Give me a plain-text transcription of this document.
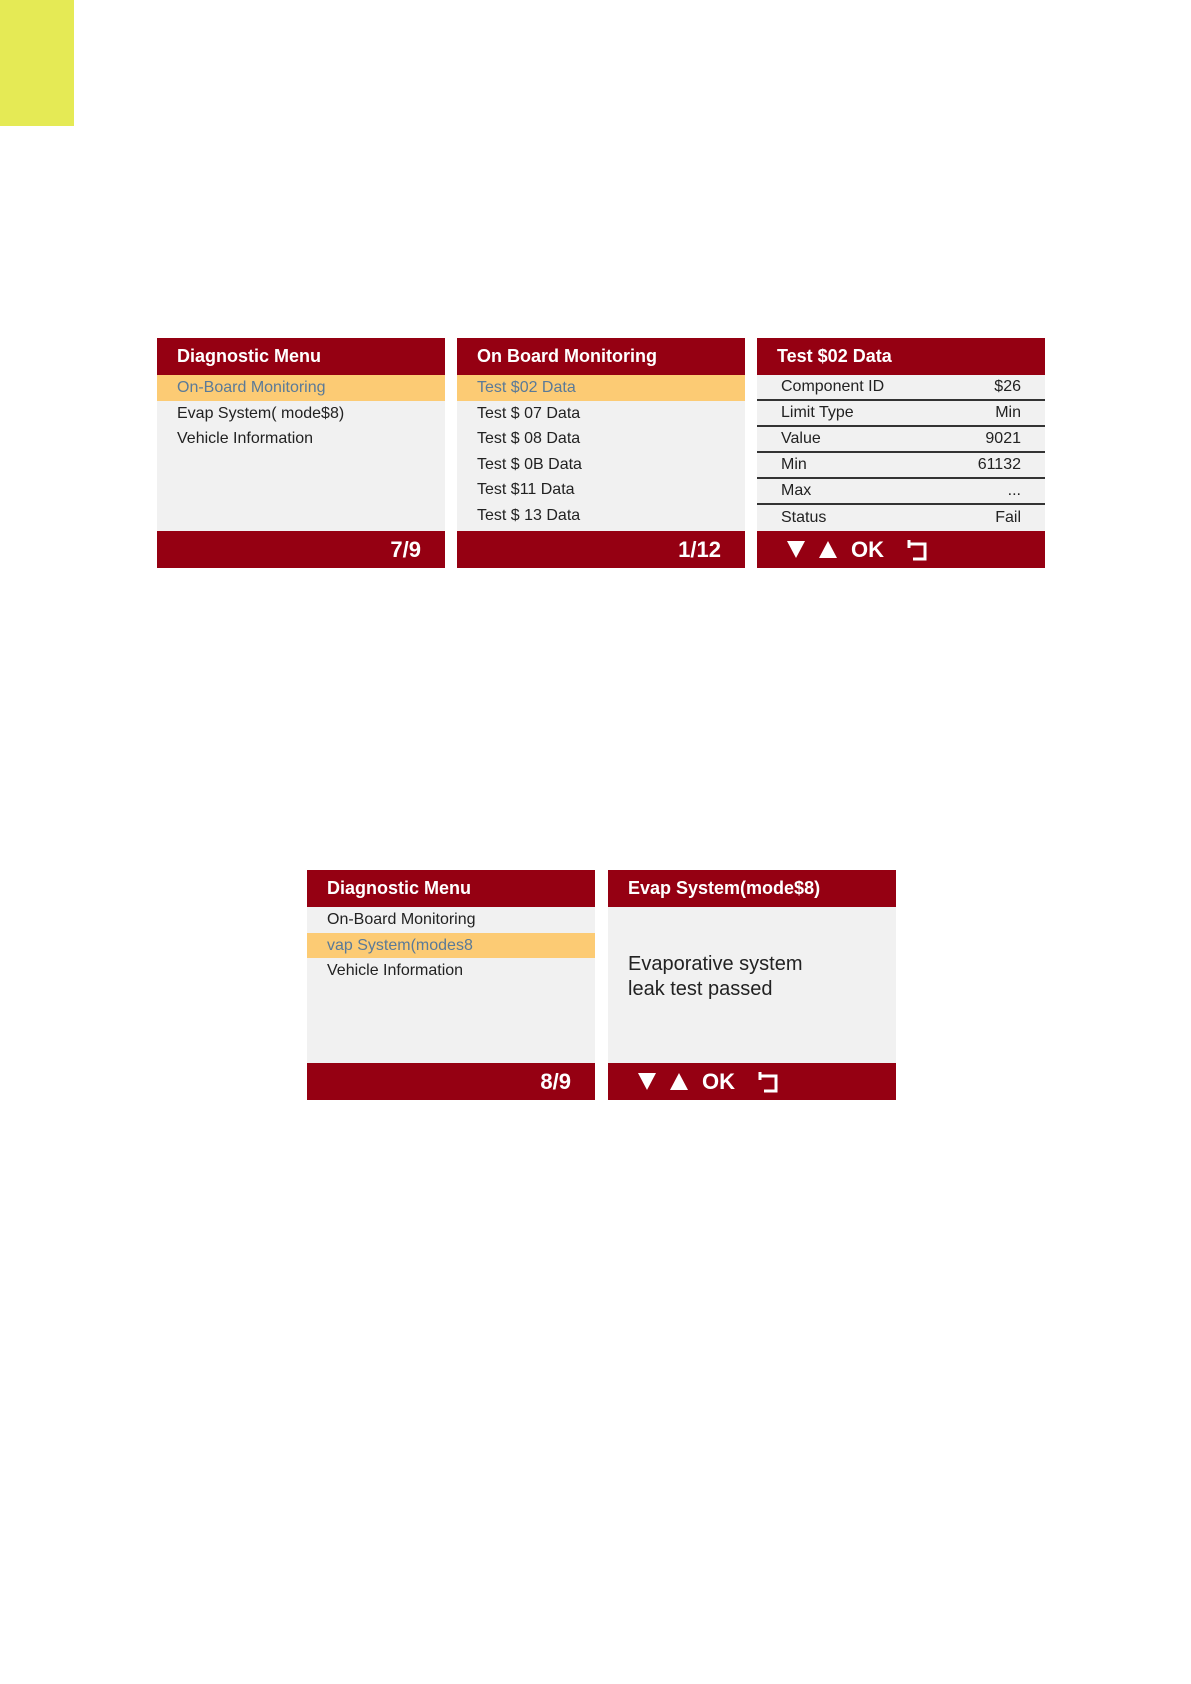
Diagnostic Menu
On-Board Monitoring
Evap System( mode$8)
Vehicle Information
7/9
On Board Monitoring
Test $02 Data
Test $ 07 Data
Test $ 08 Data
Test $ 0B Data
Test $11 Data
Test $ 13 Data
1/12
Test $02 Data
Component ID	$26
Limit Type	Min
Value	9021
Min	61132
Max	...
Status	Fail
OK
Diagnostic Menu
On-Board Monitoring
vap System(modes8
Vehicle Information
8/9
Evap System(mode$8)
Evaporative system
leak test passed
OK
